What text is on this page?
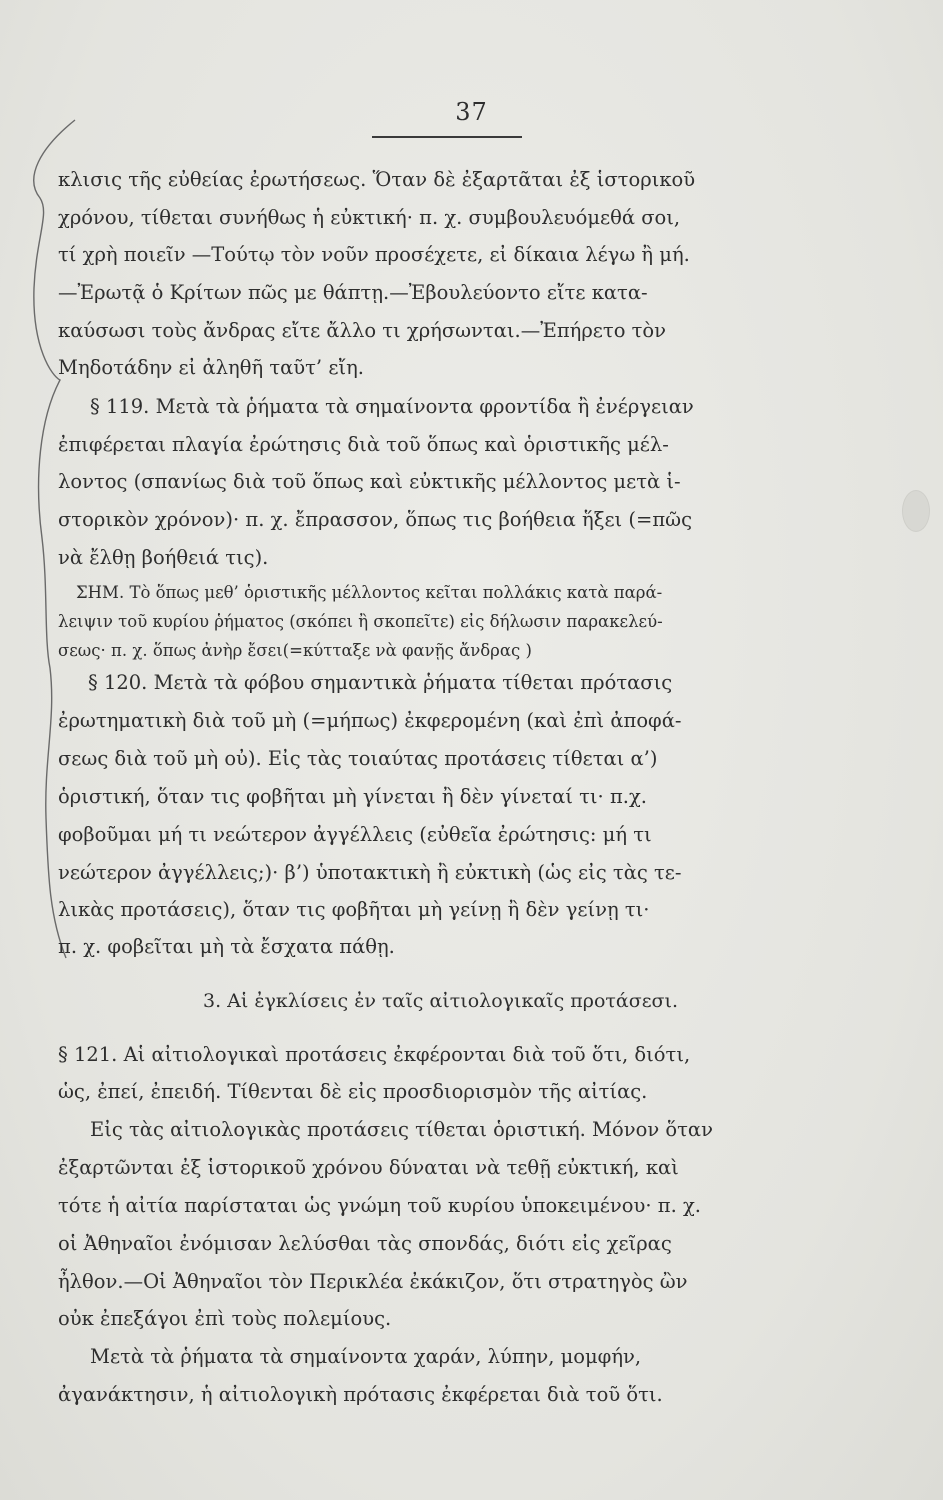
37
κλισις τῆς εὐθείας ἐρωτήσεως. Ὅταν δὲ ἐξαρτᾶται ἐξ ἱστορικοῦ
χρόνου, τίθεται συνήθως ἡ εὐκτική· π. χ. συμβουλευόμεθά σοι,
τί χρὴ ποιεῖν —Τούτῳ τὸν νοῦν προσέχετε, εἰ δίκαια λέγω ἢ μή.
—Ἐρωτᾷ ὁ Κρίτων πῶς με θάπτῃ.—Ἐβουλεύοντο εἴτε κατα-
καύσωσι τοὺς ἄνδρας εἴτε ἄλλο τι χρήσωνται.—Ἐπήρετο τὸν
Μηδοτάδην εἰ ἀληθῆ ταῦτ’ εἴη.
§ 119. Μετὰ τὰ ῥήματα τὰ σημαίνοντα φροντίδα ἢ ἐνέργειαν
ἐπιφέρεται πλαγία ἐρώτησις διὰ τοῦ ὅπως καὶ ὁριστικῆς μέλ-
λοντος (σπανίως διὰ τοῦ ὅπως καὶ εὐκτικῆς μέλλοντος μετὰ ἱ-
στορικὸν χρόνον)· π. χ. ἔπρασσον, ὅπως τις βοήθεια ἥξει (=πῶς
νὰ ἔλθῃ βοήθειά τις).
ΣΗΜ. Τὸ ὅπως μεθ’ ὁριστικῆς μέλλοντος κεῖται πολλάκις κατὰ παρά-
λειψιν τοῦ κυρίου ῥήματος (σκόπει ἢ σκοπεῖτε) εἰς δήλωσιν παρακελεύ-
σεως· π. χ. ὅπως ἀνὴρ ἔσει(=κύτταξε νὰ φανῇς ἄνδρας )
§ 120. Μετὰ τὰ φόβου σημαντικὰ ῥήματα τίθεται πρότασις
ἐρωτηματικὴ διὰ τοῦ μὴ (=μήπως) ἐκφερομένη (καὶ ἐπὶ ἀποφά-
σεως διὰ τοῦ μὴ οὐ). Εἰς τὰς τοιαύτας προτάσεις τίθεται α’)
ὁριστική, ὅταν τις φοβῆται μὴ γίνεται ἢ δὲν γίνεταί τι· π.χ.
φοβοῦμαι μή τι νεώτερον ἀγγέλλεις (εὐθεῖα ἐρώτησις: μή τι
νεώτερον ἀγγέλλεις;)· β’) ὑποτακτικὴ ἢ εὐκτικὴ (ὡς εἰς τὰς τε-
λικὰς προτάσεις), ὅταν τις φοβῆται μὴ γείνῃ ἢ δὲν γείνῃ τι·
π. χ. φοβεῖται μὴ τὰ ἔσχατα πάθῃ.
3. Αἱ ἐγκλίσεις ἐν ταῖς αἰτιολογικαῖς προτάσεσι.
§ 121. Αἱ αἰτιολογικαὶ προτάσεις ἐκφέρονται διὰ τοῦ ὅτι, διότι,
ὡς, ἐπεί, ἐπειδή. Τίθενται δὲ εἰς προσδιορισμὸν τῆς αἰτίας.
Εἰς τὰς αἰτιολογικὰς προτάσεις τίθεται ὁριστική. Μόνον ὅταν
ἐξαρτῶνται ἐξ ἱστορικοῦ χρόνου δύναται νὰ τεθῇ εὐκτική, καὶ
τότε ἡ αἰτία παρίσταται ὡς γνώμη τοῦ κυρίου ὑποκειμένου· π. χ.
οἱ Ἀθηναῖοι ἐνόμισαν λελύσθαι τὰς σπονδάς, διότι εἰς χεῖρας
ἦλθον.—Οἱ Ἀθηναῖοι τὸν Περικλέα ἐκάκιζον, ὅτι στρατηγὸς ὢν
οὐκ ἐπεξάγοι ἐπὶ τοὺς πολεμίους.
Μετὰ τὰ ῥήματα τὰ σημαίνοντα χαράν, λύπην, μομφήν,
ἀγανάκτησιν, ἡ αἰτιολογικὴ πρότασις ἐκφέρεται διὰ τοῦ ὅτι.
